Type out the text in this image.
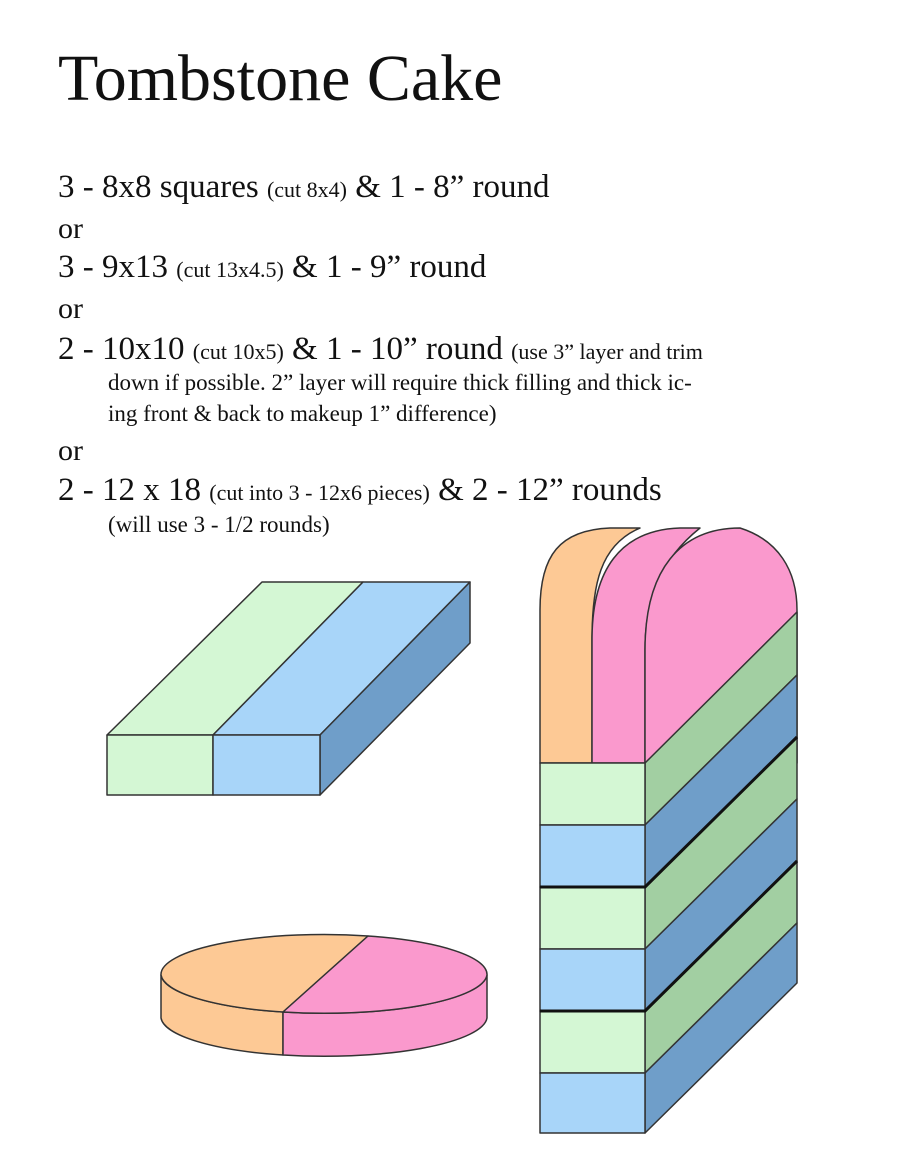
Tombstone Cake
3 - 8x8 squares (cut 8x4) & 1 - 8” round
or
3 - 9x13 (cut 13x4.5) & 1 - 9” round
or
2 - 10x10 (cut 10x5) & 1 - 10” round (use 3” layer and trim
down if possible. 2” layer will require thick filling and thick ic-
ing front & back to makeup 1” difference)
or
2 - 12 x 18 (cut into 3 - 12x6 pieces) & 2 - 12” rounds
(will use 3 - 1/2 rounds)
